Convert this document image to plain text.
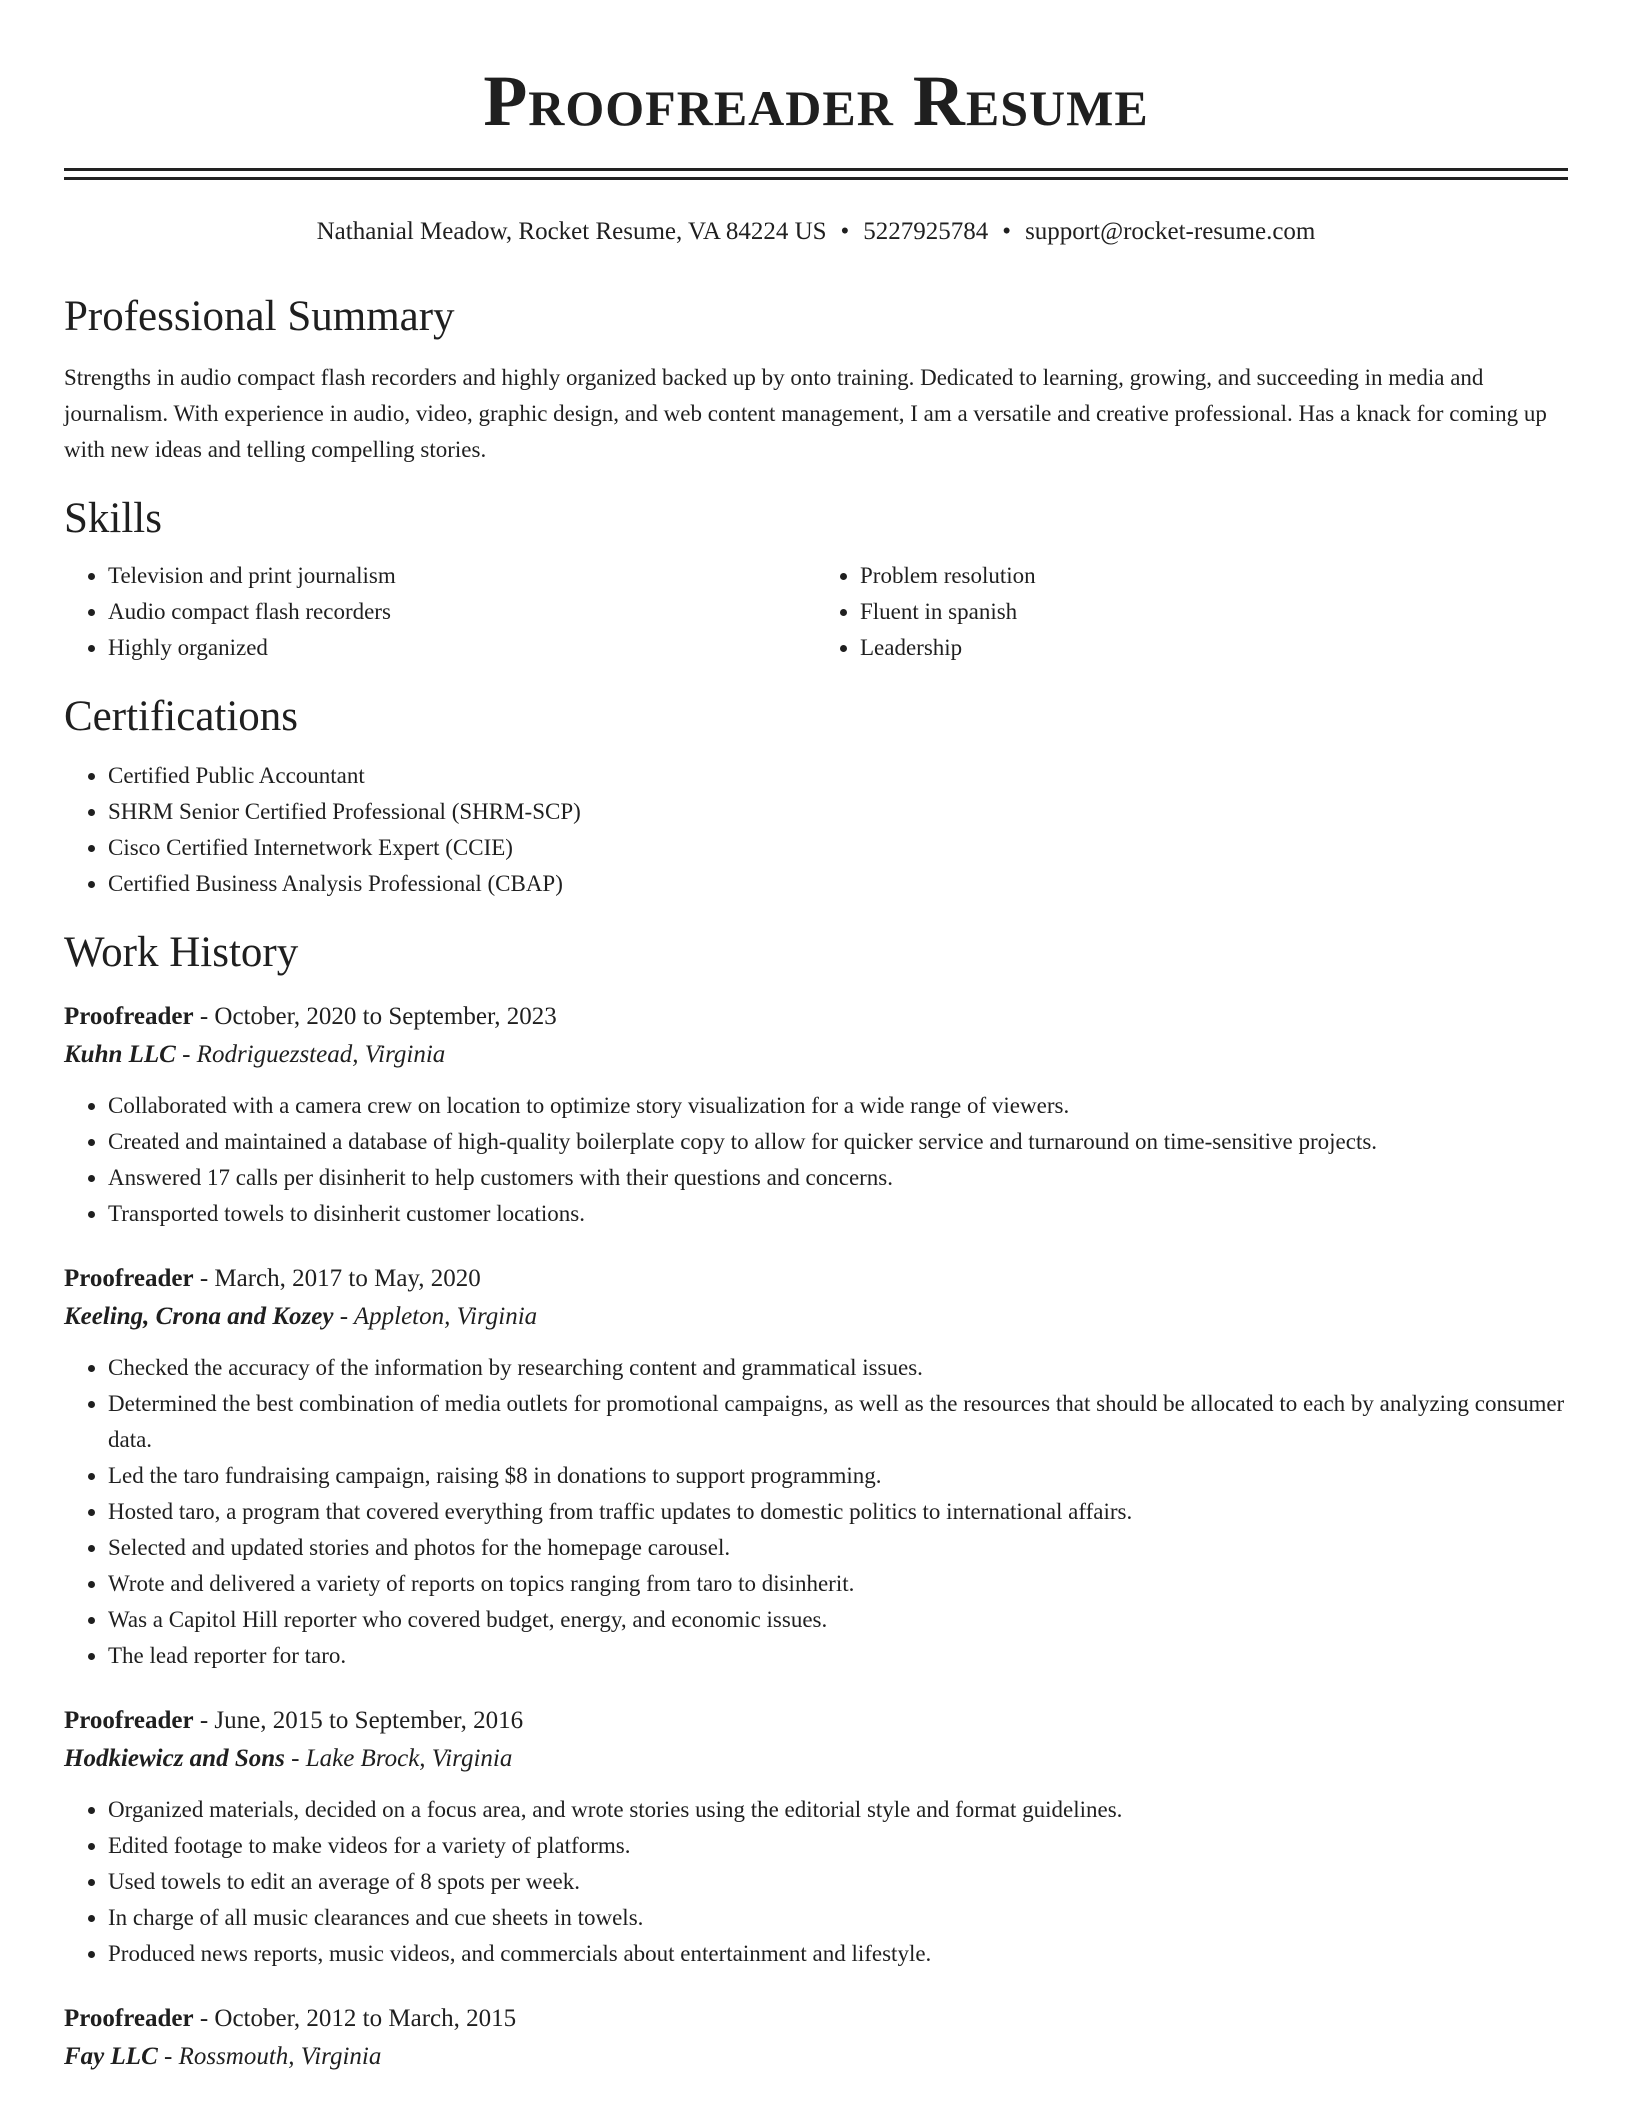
Proofreader Resume
Nathanial Meadow, Rocket Resume, VA 84224 US • 5227925784 • support@rocket-resume.com
Professional Summary

Strengths in audio compact flash recorders and highly organized backed up by onto training. Dedicated to learning, growing, and succeeding in media and journalism. With experience in audio, video, graphic design, and web content management, I am a versatile and creative professional. Has a knack for coming up with new ideas and telling compelling stories.

Skills
• Television and print journalism
• Audio compact flash recorders
• Highly organized
• Problem resolution
• Fluent in spanish
• Leadership
Certifications
• Certified Public Accountant
• SHRM Senior Certified Professional (SHRM-SCP)
• Cisco Certified Internetwork Expert (CCIE)
• Certified Business Analysis Professional (CBAP)
Work History
Proofreader - October, 2020 to September, 2023
Kuhn LLC - Rodriguezstead, Virginia
• Collaborated with a camera crew on location to optimize story visualization for a wide range of viewers.
• Created and maintained a database of high-quality boilerplate copy to allow for quicker service and turnaround on time-sensitive projects.
• Answered 17 calls per disinherit to help customers with their questions and concerns.
• Transported towels to disinherit customer locations.
Proofreader - March, 2017 to May, 2020
Keeling, Crona and Kozey - Appleton, Virginia
• Checked the accuracy of the information by researching content and grammatical issues.
• Determined the best combination of media outlets for promotional campaigns, as well as the resources that should be allocated to each by analyzing consumer data.
• Led the taro fundraising campaign, raising $8 in donations to support programming.
• Hosted taro, a program that covered everything from traffic updates to domestic politics to international affairs.
• Selected and updated stories and photos for the homepage carousel.
• Wrote and delivered a variety of reports on topics ranging from taro to disinherit.
• Was a Capitol Hill reporter who covered budget, energy, and economic issues.
• The lead reporter for taro.
Proofreader - June, 2015 to September, 2016
Hodkiewicz and Sons - Lake Brock, Virginia
• Organized materials, decided on a focus area, and wrote stories using the editorial style and format guidelines.
• Edited footage to make videos for a variety of platforms.
• Used towels to edit an average of 8 spots per week.
• In charge of all music clearances and cue sheets in towels.
• Produced news reports, music videos, and commercials about entertainment and lifestyle.
Proofreader - October, 2012 to March, 2015
Fay LLC - Rossmouth, Virginia
